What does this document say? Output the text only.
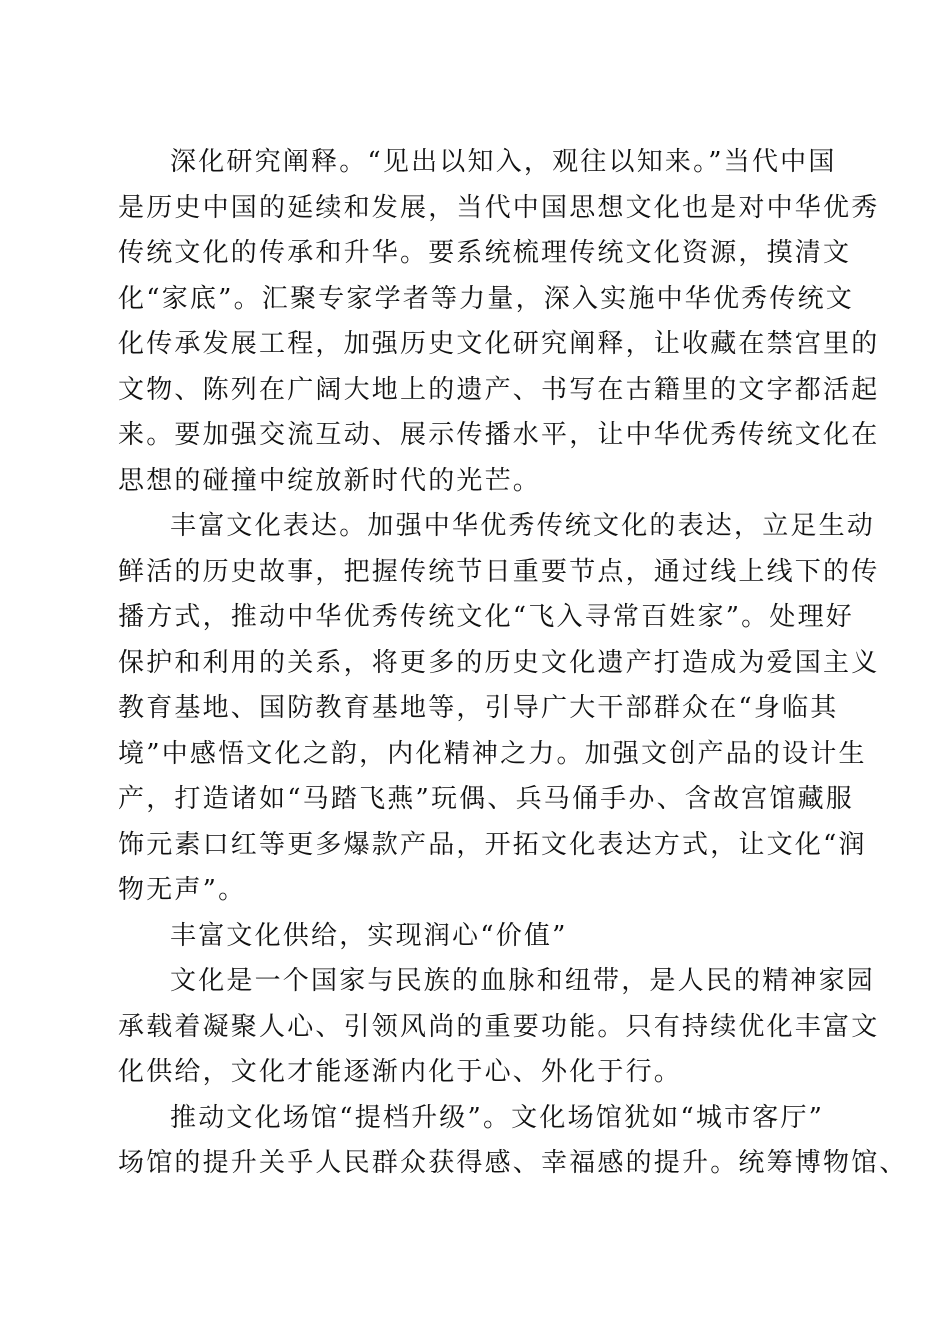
深化研究阐释。“见出以知入，观往以知来。”当代中国
是历史中国的延续和发展，当代中国思想文化也是对中华优秀
传统文化的传承和升华。要系统梳理传统文化资源，摸清文
化“家底”。汇聚专家学者等力量，深入实施中华优秀传统文
化传承发展工程，加强历史文化研究阐释，让收藏在禁宫里的
文物、陈列在广阔大地上的遗产、书写在古籍里的文字都活起
来。要加强交流互动、展示传播水平，让中华优秀传统文化在
思想的碰撞中绽放新时代的光芒。
丰富文化表达。加强中华优秀传统文化的表达，立足生动
鲜活的历史故事，把握传统节日重要节点，通过线上线下的传
播方式，推动中华优秀传统文化“飞入寻常百姓家”。处理好
保护和利用的关系，将更多的历史文化遗产打造成为爱国主义
教育基地、国防教育基地等，引导广大干部群众在“身临其
境”中感悟文化之韵，内化精神之力。加强文创产品的设计生
产，打造诸如“马踏飞燕”玩偶、兵马俑手办、含故宫馆藏服
饰元素口红等更多爆款产品，开拓文化表达方式，让文化“润
物无声”。
丰富文化供给，实现润心“价值”
文化是一个国家与民族的血脉和纽带，是人民的精神家园
承载着凝聚人心、引领风尚的重要功能。只有持续优化丰富文
化供给，文化才能逐渐内化于心、外化于行。
推动文化场馆“提档升级”。文化场馆犹如“城市客厅”
场馆的提升关乎人民群众获得感、幸福感的提升。统筹博物馆、
